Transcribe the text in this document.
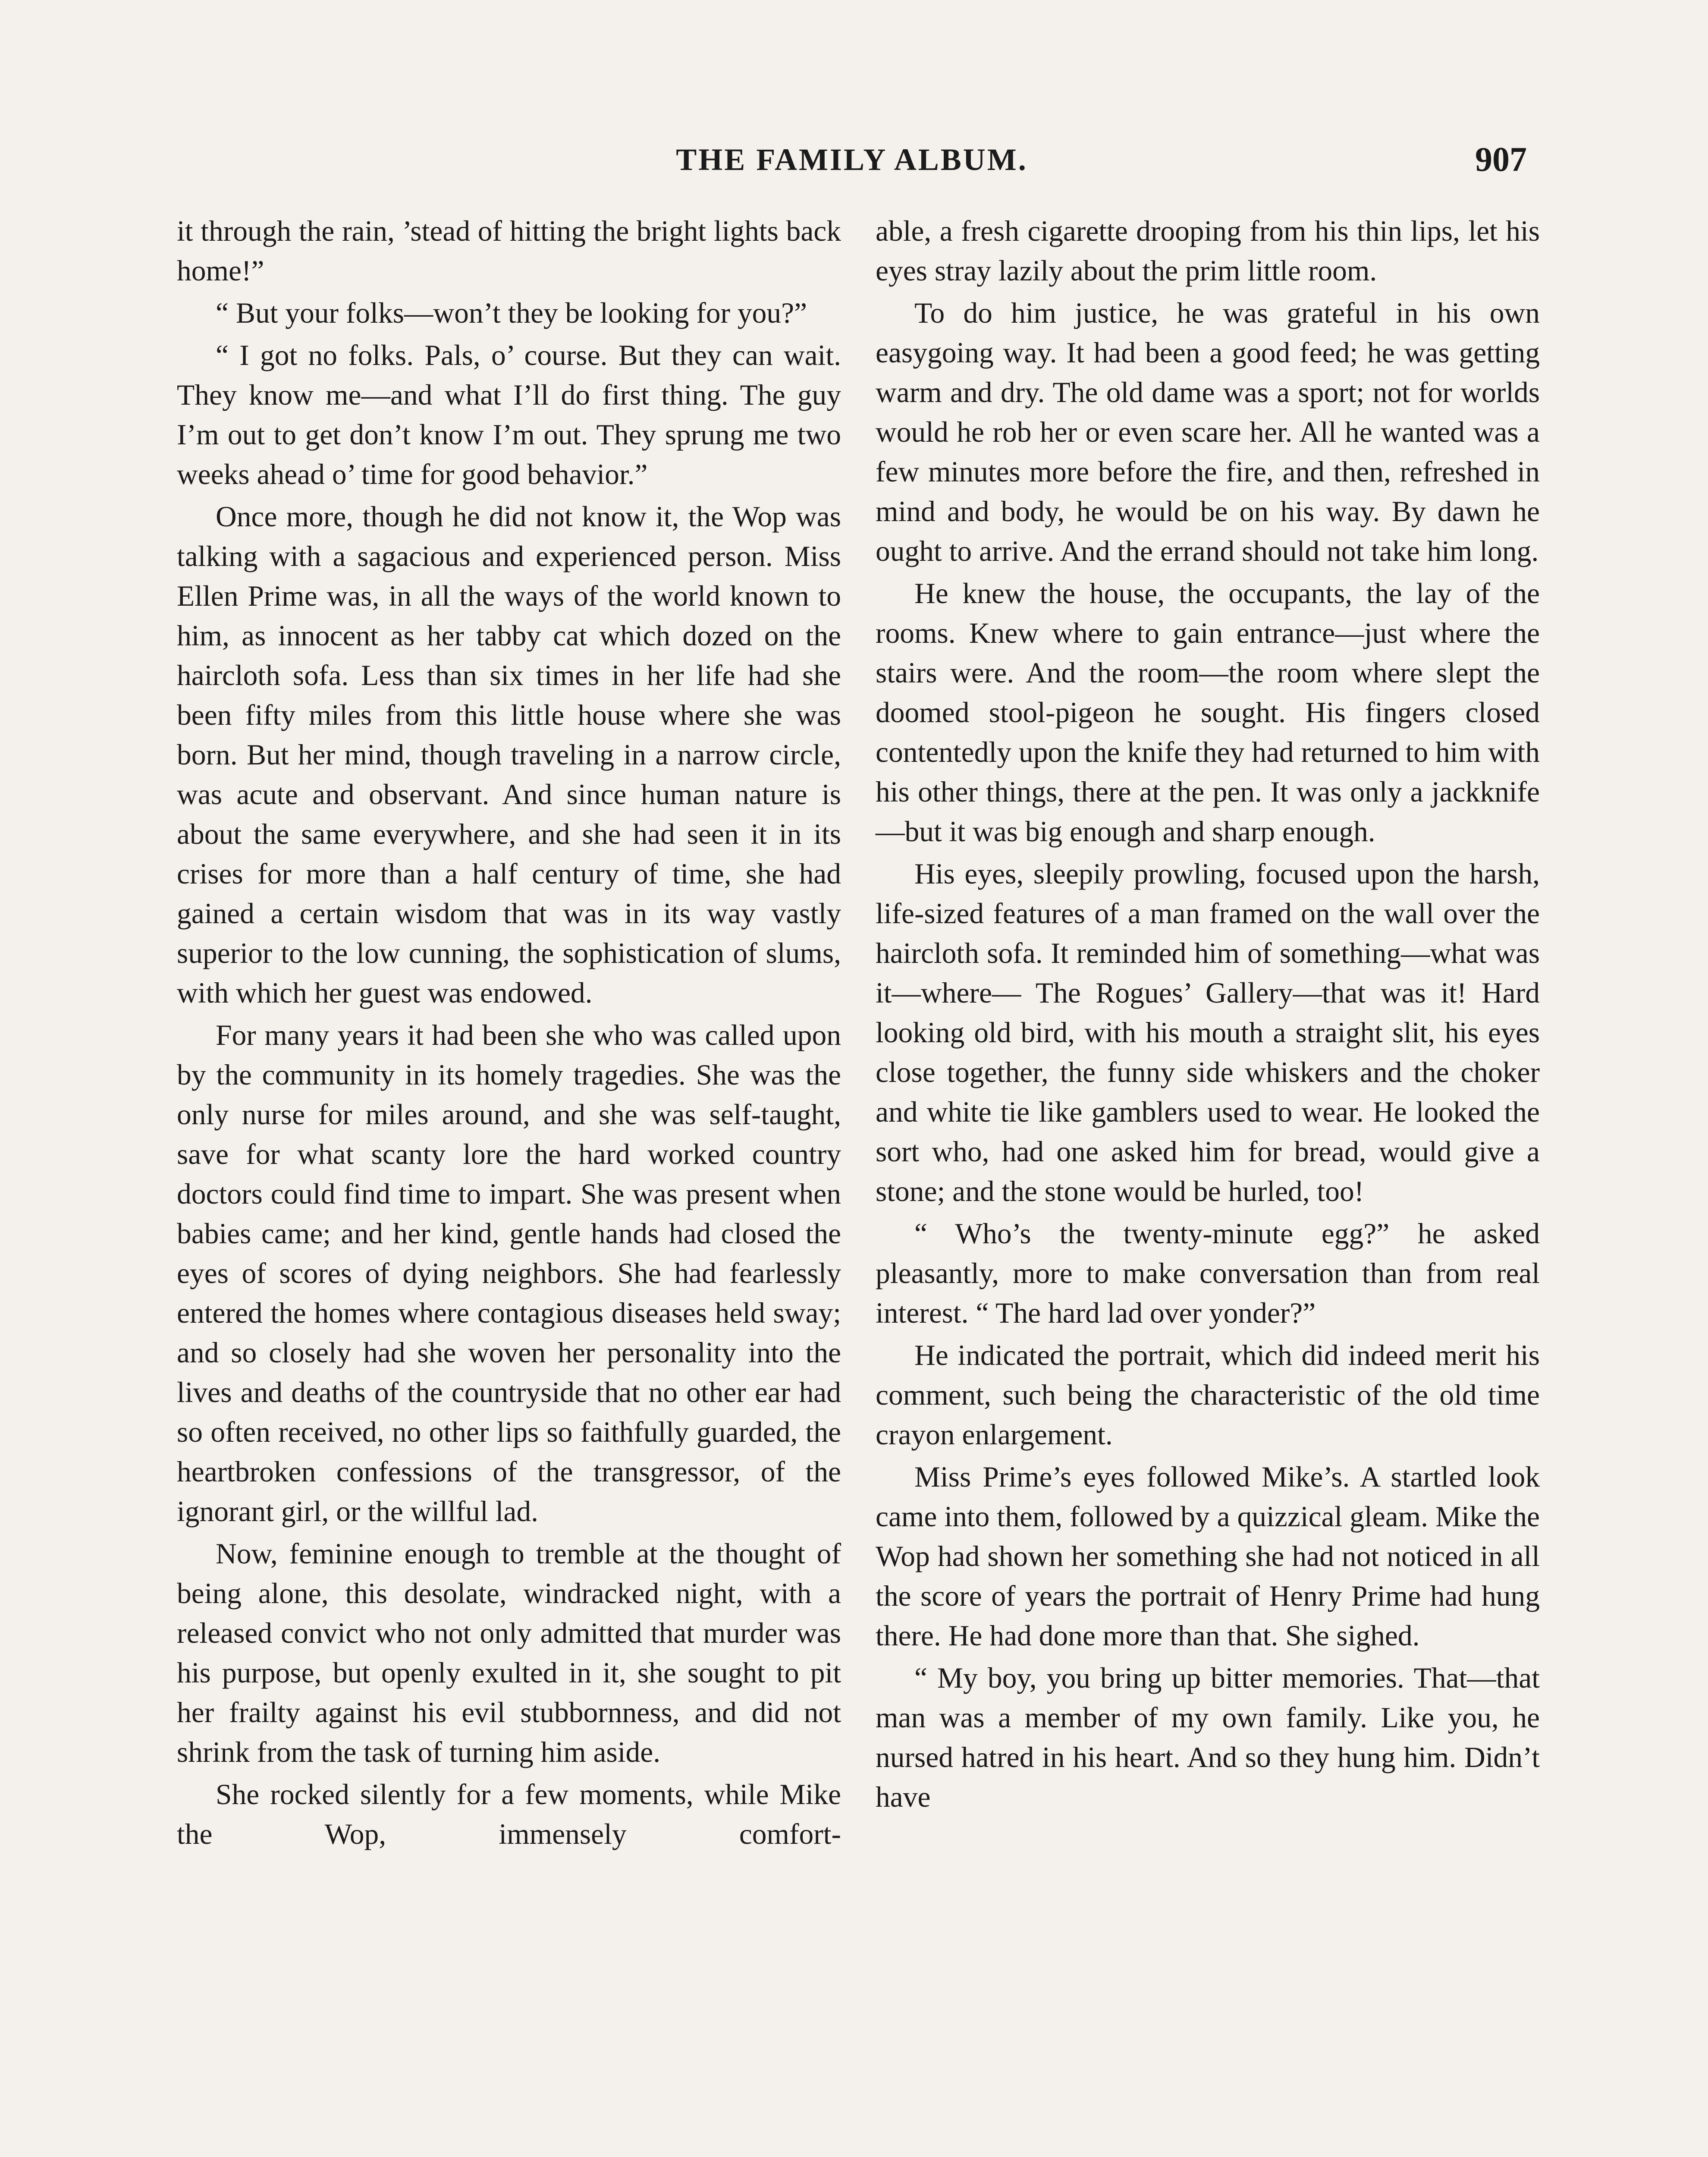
THE FAMILY ALBUM.	907

it through the rain, ’stead of hitting the bright lights back home!”

“ But your folks—won’t they be looking for you?”

“ I got no folks. Pals, o’ course. But they can wait. They know me—and what I’ll do first thing. The guy I’m out to get don’t know I’m out. They sprung me two weeks ahead o’ time for good behavior.”

Once more, though he did not know it, the Wop was talking with a sagacious and experienced person. Miss Ellen Prime was, in all the ways of the world known to him, as innocent as her tabby cat which dozed on the haircloth sofa. Less than six times in her life had she been fifty miles from this little house where she was born. But her mind, though traveling in a narrow circle, was acute and observant. And since human nature is about the same everywhere, and she had seen it in its crises for more than a half century of time, she had gained a certain wisdom that was in its way vastly superior to the low cunning, the sophistication of slums, with which her guest was endowed.

For many years it had been she who was called upon by the community in its homely tragedies. She was the only nurse for miles around, and she was self-taught, save for what scanty lore the hard worked country doctors could find time to impart. She was present when babies came; and her kind, gentle hands had closed the eyes of scores of dying neighbors. She had fearlessly entered the homes where contagious diseases held sway; and so closely had she woven her personality into the lives and deaths of the countryside that no other ear had so often received, no other lips so faithfully guarded, the heartbroken confessions of the transgressor, of the ignorant girl, or the willful lad.

Now, feminine enough to tremble at the thought of being alone, this desolate, windracked night, with a released convict who not only admitted that murder was his purpose, but openly exulted in it, she sought to pit her frailty against his evil stubbornness, and did not shrink from the task of turning him aside.

She rocked silently for a few moments, while Mike the Wop, immensely comfort-

able, a fresh cigarette drooping from his thin lips, let his eyes stray lazily about the prim little room.

To do him justice, he was grateful in his own easygoing way. It had been a good feed; he was getting warm and dry. The old dame was a sport; not for worlds would he rob her or even scare her. All he wanted was a few minutes more before the fire, and then, refreshed in mind and body, he would be on his way. By dawn he ought to arrive. And the errand should not take him long.

He knew the house, the occupants, the lay of the rooms. Knew where to gain entrance—just where the stairs were. And the room—the room where slept the doomed stool-pigeon he sought. His fingers closed contentedly upon the knife they had returned to him with his other things, there at the pen. It was only a jackknife—but it was big enough and sharp enough.

His eyes, sleepily prowling, focused upon the harsh, life-sized features of a man framed on the wall over the haircloth sofa. It reminded him of something—what was it—where— The Rogues’ Gallery—that was it! Hard looking old bird, with his mouth a straight slit, his eyes close together, the funny side whiskers and the choker and white tie like gamblers used to wear. He looked the sort who, had one asked him for bread, would give a stone; and the stone would be hurled, too!

“ Who’s the twenty-minute egg?” he asked pleasantly, more to make conversation than from real interest. “ The hard lad over yonder?”

He indicated the portrait, which did indeed merit his comment, such being the characteristic of the old time crayon enlargement.

Miss Prime’s eyes followed Mike’s. A startled look came into them, followed by a quizzical gleam. Mike the Wop had shown her something she had not noticed in all the score of years the portrait of Henry Prime had hung there. He had done more than that. She sighed.

“ My boy, you bring up bitter memories. That—that man was a member of my own family. Like you, he nursed hatred in his heart. And so they hung him. Didn’t have
